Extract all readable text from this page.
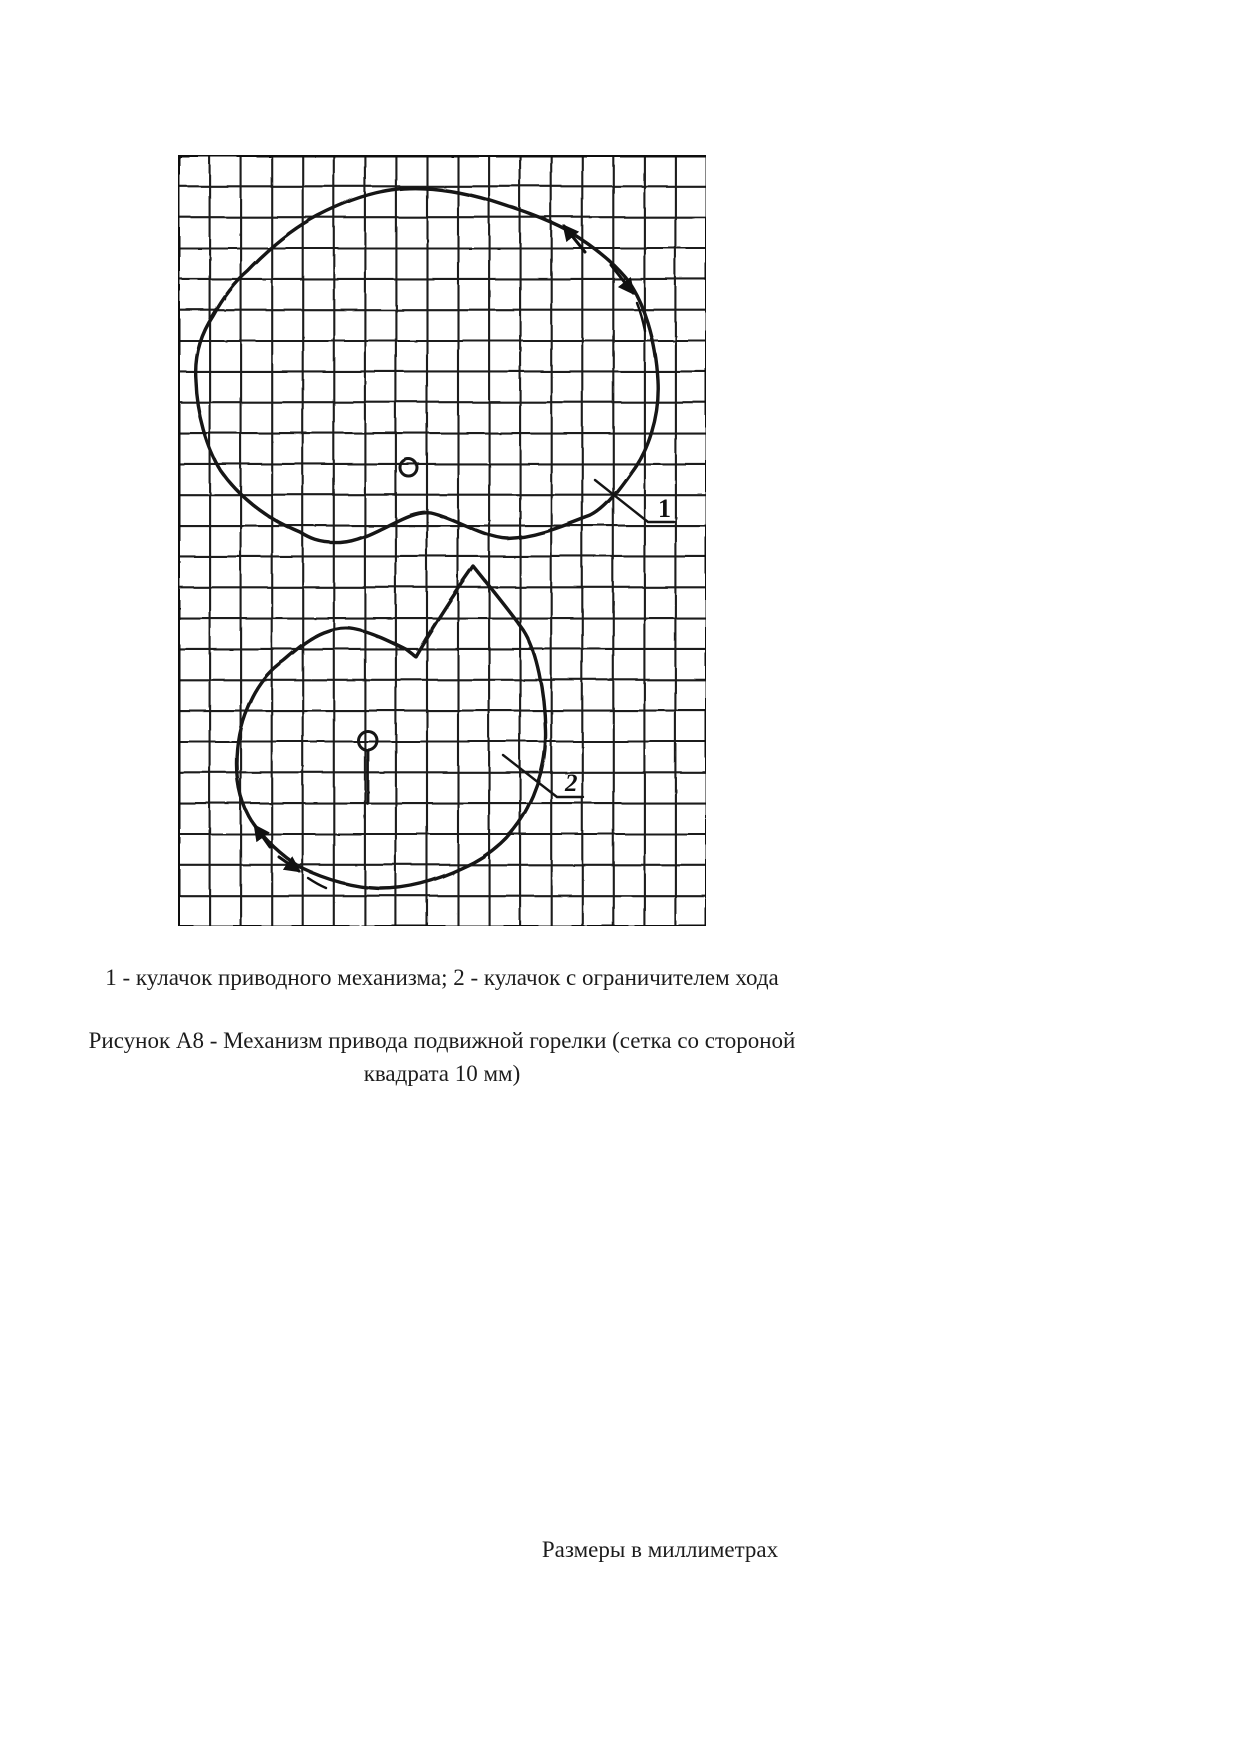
1
2
1 - кулачок приводного механизма; 2 - кулачок с ограничителем хода
Рисунок А8 - Механизм привода подвижной горелки (сетка со стороной
квадрата 10 мм)
Размеры в миллиметрах
